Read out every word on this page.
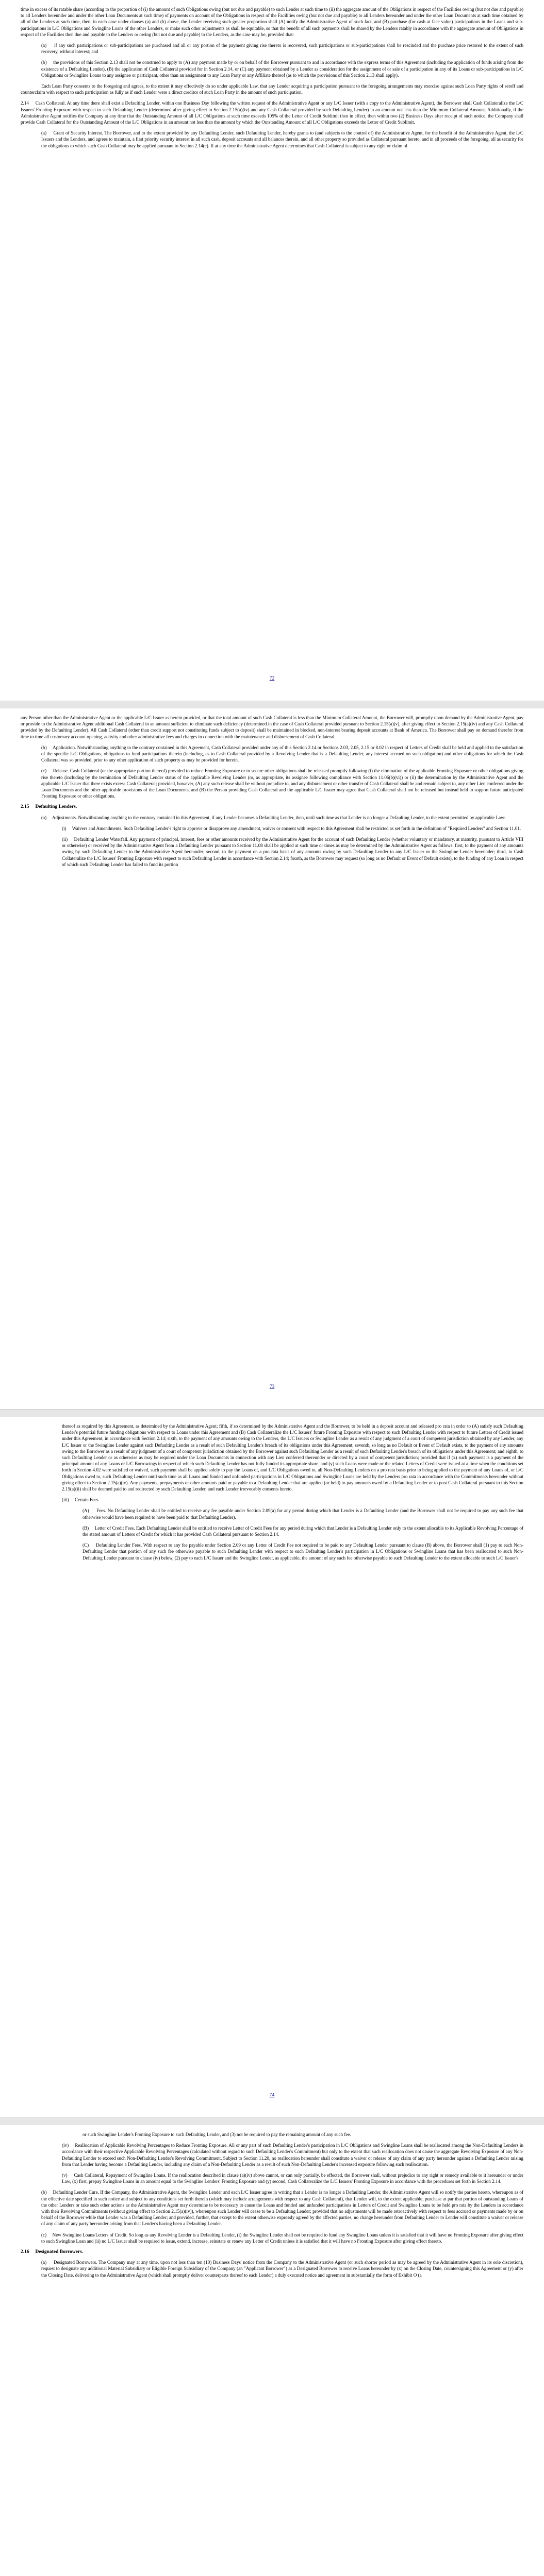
time in excess of its ratable share (according to the proportion of (i) the amount of such Obligations owing (but not due and payable) to such Lender at such time to (ii) the aggregate amount of the Obligations in respect of the Facilities owing (but not due and payable) to all Lenders hereunder and under the other Loan Documents at such time) of payments on account of the Obligations in respect of the Facilities owing (but not due and payable) to all Lenders hereunder and under the other Loan Documents at such time obtained by all of the Lenders at such time, then, in each case under clauses (a) and (b) above, the Lender receiving such greater proportion shall (A) notify the Administrative Agent of such fact, and (B) purchase (for cash at face value) participations in the Loans and sub-participations in L/C Obligations and Swingline Loans of the other Lenders, or make such other adjustments as shall be equitable, so that the benefit of all such payments shall be shared by the Lenders ratably in accordance with the aggregate amount of Obligations in respect of the Facilities then due and payable to the Lenders or owing (but not due and payable) to the Lenders, as the case may be, provided that:

(a)     if any such participations or sub-participations are purchased and all or any portion of the payment giving rise thereto is recovered, such participations or sub-participations shall be rescinded and the purchase price restored to the extent of such recovery, without interest; and

(b)     the provisions of this Section 2.13 shall not be construed to apply to (A) any payment made by or on behalf of the Borrower pursuant to and in accordance with the express terms of this Agreement (including the application of funds arising from the existence of a Defaulting Lender), (B) the application of Cash Collateral provided for in Section 2.14, or (C) any payment obtained by a Lender as consideration for the assignment of or sale of a participation in any of its Loans or sub-participations in L/C Obligations or Swingline Loans to any assignee or participant, other than an assignment to any Loan Party or any Affiliate thereof (as to which the provisions of this Section 2.13 shall apply).

Each Loan Party consents to the foregoing and agrees, to the extent it may effectively do so under applicable Law, that any Lender acquiring a participation pursuant to the foregoing arrangements may exercise against such Loan Party rights of setoff and counterclaim with respect to such participation as fully as if such Lender were a direct creditor of such Loan Party in the amount of such participation.

2.14     Cash Collateral. At any time there shall exist a Defaulting Lender, within one Business Day following the written request of the Administrative Agent or any L/C Issuer (with a copy to the Administrative Agent), the Borrower shall Cash Collateralize the L/C Issuers' Fronting Exposure with respect to such Defaulting Lender (determined after giving effect to Section 2.15(a)(iv) and any Cash Collateral provided by such Defaulting Lender) in an amount not less than the Minimum Collateral Amount. Additionally, if the Administrative Agent notifies the Company at any time that the Outstanding Amount of all L/C Obligations at such time exceeds 105% of the Letter of Credit Sublimit then in effect, then within two (2) Business Days after receipt of such notice, the Company shall provide Cash Collateral for the Outstanding Amount of the L/C Obligations in an amount not less than the amount by which the Outstanding Amount of all L/C Obligations exceeds the Letter of Credit Sublimit.

(a)     Grant of Security Interest. The Borrower, and to the extent provided by any Defaulting Lender, such Defaulting Lender, hereby grants to (and subjects to the control of) the Administrative Agent, for the benefit of the Administrative Agent, the L/C Issuers and the Lenders, and agrees to maintain, a first priority security interest in all such cash, deposit accounts and all balances therein, and all other property so provided as Collateral pursuant hereto, and in all proceeds of the foregoing, all as security for the obligations to which such Cash Collateral may be applied pursuant to Section 2.14(c). If at any time the Administrative Agent determines that Cash Collateral is subject to any right or claim of

72

any Person other than the Administrative Agent or the applicable L/C Issuer as herein provided, or that the total amount of such Cash Collateral is less than the Minimum Collateral Amount, the Borrower will, promptly upon demand by the Administrative Agent, pay or provide to the Administrative Agent additional Cash Collateral in an amount sufficient to eliminate such deficiency (determined in the case of Cash Collateral provided pursuant to Section 2.15(a)(v), after giving effect to Section 2.15(a)(iv) and any Cash Collateral provided by the Defaulting Lender). All Cash Collateral (other than credit support not constituting funds subject to deposit) shall be maintained in blocked, non-interest bearing deposit accounts at Bank of America. The Borrower shall pay on demand therefor from time to time all customary account opening, activity and other administrative fees and charges in connection with the maintenance and disbursement of Cash Collateral.

(b)     Application. Notwithstanding anything to the contrary contained in this Agreement, Cash Collateral provided under any of this Section 2.14 or Sections 2.03, 2.05, 2.15 or 8.02 in respect of Letters of Credit shall be held and applied to the satisfaction of the specific L/C Obligations, obligations to fund participations therein (including, as to Cash Collateral provided by a Revolving Lender that is a Defaulting Lender, any interest accrued on such obligation) and other obligations for which the Cash Collateral was so provided, prior to any other application of such property as may be provided for herein.

(c)     Release. Cash Collateral (or the appropriate portion thereof) provided to reduce Fronting Exposure or to secure other obligations shall be released promptly following (i) the elimination of the applicable Fronting Exposure or other obligations giving rise thereto (including by the termination of Defaulting Lender status of the applicable Revolving Lender (or, as appropriate, its assignee following compliance with Section 11.06(b)(vi)) or (ii) the determination by the Administrative Agent and the applicable L/C Issuer that there exists excess Cash Collateral; provided, however, (A) any such release shall be without prejudice to, and any disbursement or other transfer of Cash Collateral shall be and remain subject to, any other Lien conferred under the Loan Documents and the other applicable provisions of the Loan Documents, and (B) the Person providing Cash Collateral and the applicable L/C Issuer may agree that Cash Collateral shall not be released but instead held to support future anticipated Fronting Exposure or other obligations.

2.15     Defaulting Lenders.

(a)     Adjustments. Notwithstanding anything to the contrary contained in this Agreement, if any Lender becomes a Defaulting Lender, then, until such time as that Lender is no longer a Defaulting Lender, to the extent permitted by applicable Law:

(i)     Waivers and Amendments. Such Defaulting Lender's right to approve or disapprove any amendment, waiver or consent with respect to this Agreement shall be restricted as set forth in the definition of "Required Lenders" and Section 11.01.

(ii)     Defaulting Lender Waterfall. Any payment of principal, interest, fees or other amounts received by the Administrative Agent for the account of such Defaulting Lender (whether voluntary or mandatory, at maturity, pursuant to Article VIII or otherwise) or received by the Administrative Agent from a Defaulting Lender pursuant to Section 11.08 shall be applied at such time or times as may be determined by the Administrative Agent as follows: first, to the payment of any amounts owing by such Defaulting Lender to the Administrative Agent hereunder; second, to the payment on a pro rata basis of any amounts owing by such Defaulting Lender to any L/C Issuer or the Swingline Lender hereunder; third, to Cash Collateralize the L/C Issuers' Fronting Exposure with respect to such Defaulting Lender in accordance with Section 2.14; fourth, as the Borrower may request (so long as no Default or Event of Default exists), to the funding of any Loan in respect of which such Defaulting Lender has failed to fund its portion

73

thereof as required by this Agreement, as determined by the Administrative Agent; fifth, if so determined by the Administrative Agent and the Borrower, to be held in a deposit account and released pro rata in order to (A) satisfy such Defaulting Lender's potential future funding obligations with respect to Loans under this Agreement and (B) Cash Collateralize the L/C Issuers' future Fronting Exposure with respect to such Defaulting Lender with respect to future Letters of Credit issued under this Agreement, in accordance with Section 2.14; sixth, to the payment of any amounts owing to the Lenders, the L/C Issuers or Swingline Lender as a result of any judgment of a court of competent jurisdiction obtained by any Lender, any L/C Issuer or the Swingline Lender against such Defaulting Lender as a result of such Defaulting Lender's breach of its obligations under this Agreement; seventh, so long as no Default or Event of Default exists, to the payment of any amounts owing to the Borrower as a result of any judgment of a court of competent jurisdiction obtained by the Borrower against such Defaulting Lender as a result of such Defaulting Lender's breach of its obligations under this Agreement; and eighth, to such Defaulting Lender or as otherwise as may be required under the Loan Documents in connection with any Lien conferred thereunder or directed by a court of competent jurisdiction; provided that if (x) such payment is a payment of the principal amount of any Loans or L/C Borrowings in respect of which such Defaulting Lender has not fully funded its appropriate share, and (y) such Loans were made or the related Letters of Credit were issued at a time when the conditions set forth in Section 4.02 were satisfied or waived, such payment shall be applied solely to pay the Loans of, and L/C Obligations owed to, all Non-Defaulting Lenders on a pro rata basis prior to being applied to the payment of any Loans of, or L/C Obligations owed to, such Defaulting Lender until such time as all Loans and funded and unfunded participations in L/C Obligations and Swingline Loans are held by the Lenders pro rata in accordance with the Commitments hereunder without giving effect to Section 2.15(a)(iv). Any payments, prepayments or other amounts paid or payable to a Defaulting Lender that are applied (or held) to pay amounts owed by a Defaulting Lender or to post Cash Collateral pursuant to this Section 2.15(a)(ii) shall be deemed paid to and redirected by such Defaulting Lender, and each Lender irrevocably consents hereto.

(iii)     Certain Fees.

(A)     Fees. No Defaulting Lender shall be entitled to receive any fee payable under Section 2.09(a) for any period during which that Lender is a Defaulting Lender (and the Borrower shall not be required to pay any such fee that otherwise would have been required to have been paid to that Defaulting Lender).

(B)     Letter of Credit Fees. Each Defaulting Lender shall be entitled to receive Letter of Credit Fees for any period during which that Lender is a Defaulting Lender only to the extent allocable to its Applicable Revolving Percentage of the stated amount of Letters of Credit for which it has provided Cash Collateral pursuant to Section 2.14.

(C)     Defaulting Lender Fees. With respect to any fee payable under Section 2.09 or any Letter of Credit Fee not required to be paid to any Defaulting Lender pursuant to clause (B) above, the Borrower shall (1) pay to each Non-Defaulting Lender that portion of any such fee otherwise payable to such Defaulting Lender with respect to such Defaulting Lender's participation in L/C Obligations or Swingline Loans that has been reallocated to such Non-Defaulting Lender pursuant to clause (iv) below, (2) pay to each L/C Issuer and the Swingline Lender, as applicable, the amount of any such fee otherwise payable to such Defaulting Lender to the extent allocable to such L/C Issuer's

74

or such Swingline Lender's Fronting Exposure to such Defaulting Lender, and (3) not be required to pay the remaining amount of any such fee.

(iv)     Reallocation of Applicable Revolving Percentages to Reduce Fronting Exposure. All or any part of such Defaulting Lender's participation in L/C Obligations and Swingline Loans shall be reallocated among the Non-Defaulting Lenders in accordance with their respective Applicable Revolving Percentages (calculated without regard to such Defaulting Lender's Commitment) but only to the extent that such reallocation does not cause the aggregate Revolving Exposure of any Non-Defaulting Lender to exceed such Non-Defaulting Lender's Revolving Commitment. Subject to Section 11.20, no reallocation hereunder shall constitute a waiver or release of any claim of any party hereunder against a Defaulting Lender arising from that Lender having become a Defaulting Lender, including any claim of a Non-Defaulting Lender as a result of such Non-Defaulting Lender's increased exposure following such reallocation.

(v)     Cash Collateral, Repayment of Swingline Loans. If the reallocation described in clause (a)(iv) above cannot, or can only partially, be effected, the Borrower shall, without prejudice to any right or remedy available to it hereunder or under Law, (x) first, prepay Swingline Loans in an amount equal to the Swingline Lenders' Fronting Exposure and (y) second, Cash Collateralize the L/C Issuers' Fronting Exposure in accordance with the procedures set forth in Section 2.14.

(b)     Defaulting Lender Cure. If the Company, the Administrative Agent, the Swingline Lender and each L/C Issuer agree in writing that a Lender is no longer a Defaulting Lender, the Administrative Agent will so notify the parties hereto, whereupon as of the effective date specified in such notice and subject to any conditions set forth therein (which may include arrangements with respect to any Cash Collateral), that Lender will, to the extent applicable, purchase at par that portion of outstanding Loans of the other Lenders or take such other actions as the Administrative Agent may determine to be necessary to cause the Loans and funded and unfunded participations in Letters of Credit and Swingline Loans to be held pro rata by the Lenders in accordance with their Revolving Commitments (without giving effect to Section 2.15(a)(iv)), whereupon such Lender will cease to be a Defaulting Lender; provided that no adjustments will be made retroactively with respect to fees accrued or payments made by or on behalf of the Borrower while that Lender was a Defaulting Lender; and provided, further, that except to the extent otherwise expressly agreed by the affected parties, no change hereunder from Defaulting Lender to Lender will constitute a waiver or release of any claim of any party hereunder arising from that Lender's having been a Defaulting Lender.

(c)     New Swingline Loans/Letters of Credit. So long as any Revolving Lender is a Defaulting Lender, (i) the Swingline Lender shall not be required to fund any Swingline Loans unless it is satisfied that it will have no Fronting Exposure after giving effect to such Swingline Loan and (ii) no L/C Issuer shall be required to issue, extend, increase, reinstate or renew any Letter of Credit unless it is satisfied that it will have no Fronting Exposure after giving effect thereto.

2.16     Designated Borrowers.

(a)     Designated Borrowers. The Company may at any time, upon not less than ten (10) Business Days' notice from the Company to the Administrative Agent (or such shorter period as may be agreed by the Administrative Agent in its sole discretion), request to designate any additional Material Subsidiary or Eligible Foreign Subsidiary of the Company (an "Applicant Borrower") as a Designated Borrower to receive Loans hereunder by (x) on the Closing Date, countersigning this Agreement or (y) after the Closing Date, delivering to the Administrative Agent (which shall promptly deliver counterparts thereof to each Lender) a duly executed notice and agreement in substantially the form of Exhibit O (a
